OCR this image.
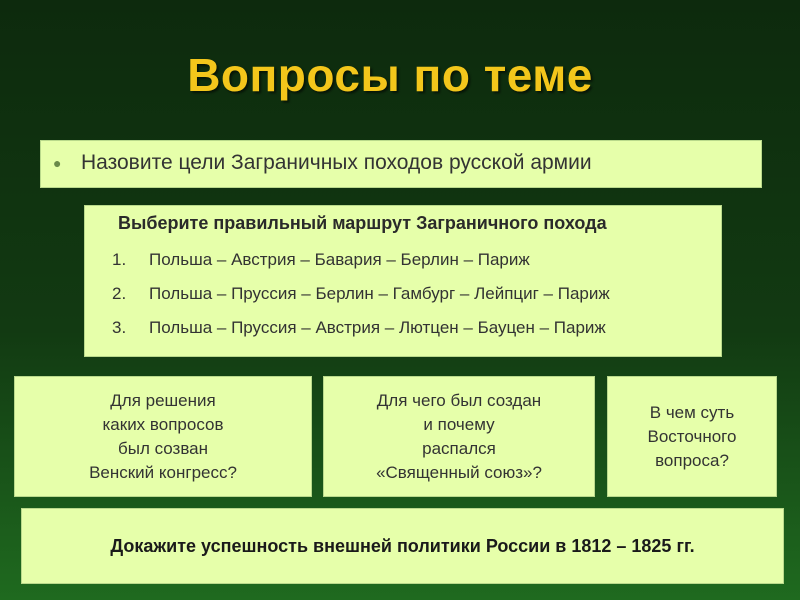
Вопросы по теме
● Назовите цели Заграничных походов русской армии
Выберите правильный маршрут Заграничного похода
1. Польша – Австрия – Бавария – Берлин – Париж
2. Польша – Пруссия – Берлин – Гамбург – Лейпциг – Париж
3. Польша – Пруссия – Австрия – Лютцен – Бауцен – Париж
Для решения
каких вопросов
был созван
Венский конгресс?
Для чего был создан
и почему
распался
«Священный союз»?
В чем суть
Восточного
вопроса?
Докажите успешность внешней политики России в 1812 – 1825 гг.
